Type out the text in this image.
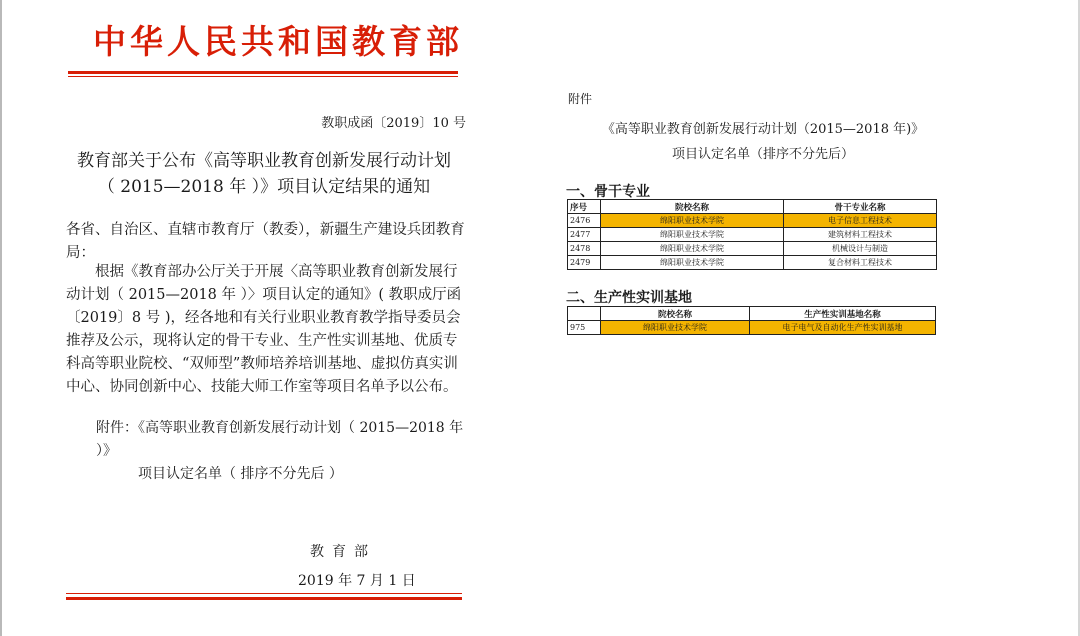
中华人民共和国教育部
教职成函〔2019〕10 号
教育部关于公布《高等职业教育创新发展行动计划
（ 2015—2018 年 ）》项目认定结果的通知
各省、自治区、直辖市教育厅（教委），新疆生产建设兵团教育局：
根据《教育部办公厅关于开展〈高等职业教育创新发展行动计划（ 2015—2018 年 ）〉项目认定的通知》( 教职成厅函〔2019〕8 号 )，经各地和有关行业职业教育教学指导委员会推荐及公示，现将认定的骨干专业、生产性实训基地、优质专科高等职业院校、“双师型”教师培养培训基地、虚拟仿真实训中心、协同创新中心、技能大师工作室等项目名单予以公布。
附件：《高等职业教育创新发展行动计划（ 2015—2018 年 ）》
项目认定名单（ 排序不分先后 ）
教育部
2019 年 7 月 1 日
附件
《高等职业教育创新发展行动计划（2015—2018 年)》
项目认定名单（排序不分先后）
一、骨干专业
序号	院校名称	骨干专业名称
2476	绵阳职业技术学院	电子信息工程技术
2477	绵阳职业技术学院	建筑材料工程技术
2478	绵阳职业技术学院	机械设计与制造
2479	绵阳职业技术学院	复合材料工程技术
二、生产性实训基地
	院校名称	生产性实训基地名称
975	绵阳职业技术学院	电子电气及自动化生产性实训基地
